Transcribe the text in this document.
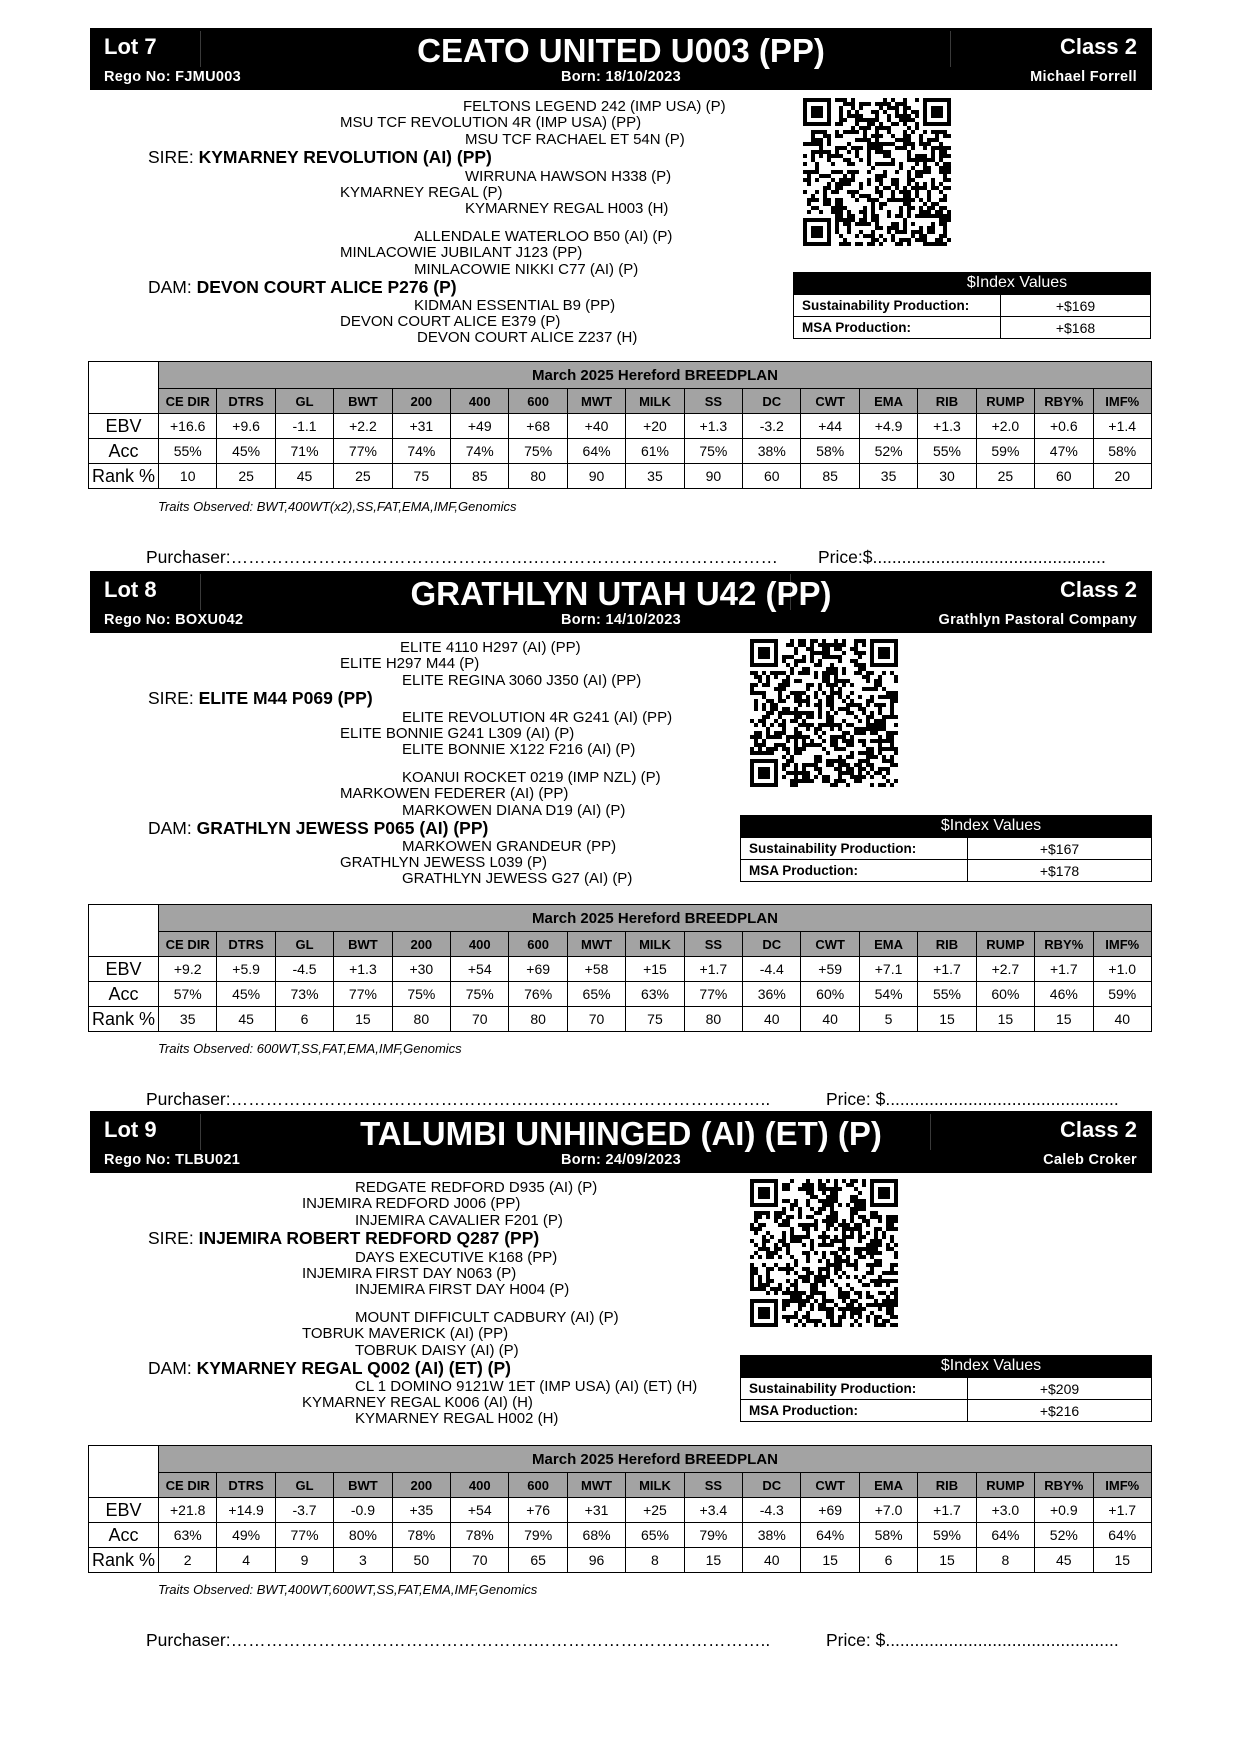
Lot 7	CEATO UNITED U003 (PP)	Class 2
Rego No: FJMU003	Born: 18/10/2023	Michael Forrell
FELTONS LEGEND 242 (IMP USA) (P)
MSU TCF REVOLUTION 4R (IMP USA) (PP)
MSU TCF RACHAEL ET 54N (P)
SIRE: KYMARNEY REVOLUTION (AI) (PP)
WIRRUNA HAWSON H338 (P)
KYMARNEY REGAL (P)
KYMARNEY REGAL H003 (H)
ALLENDALE WATERLOO B50 (AI) (P)
MINLACOWIE JUBILANT J123 (PP)
MINLACOWIE NIKKI C77 (AI) (P)
DAM: DEVON COURT ALICE P276 (P)
KIDMAN ESSENTIAL B9 (PP)
DEVON COURT ALICE E379 (P)
DEVON COURT ALICE Z237 (H)
$Index Values
Sustainability Production:	+$169
MSA Production:	+$168
	March 2025 Hereford BREEDPLAN																
	CE DIR	DTRS	GL	BWT	200	400	600	MWT	MILK	SS	DC	CWT	EMA	RIB	RUMP	RBY%	IMF%
EBV	+16.6	+9.6	-1.1	+2.2	+31	+49	+68	+40	+20	+1.3	-3.2	+44	+4.9	+1.3	+2.0	+0.6	+1.4
Acc	55%	45%	71%	77%	74%	74%	75%	64%	61%	75%	38%	58%	52%	55%	59%	47%	58%
Rank %	10	25	45	25	75	85	80	90	35	90	60	85	35	30	25	60	20
Traits Observed: BWT,400WT(x2),SS,FAT,EMA,IMF,Genomics
Purchaser:…………………………………………….…………………………………… Price:$................................................
Lot 8	GRATHLYN UTAH U42 (PP)	Class 2
Rego No: BOXU042	Born: 14/10/2023	Grathlyn Pastoral Company
ELITE 4110 H297 (AI) (PP)
ELITE H297 M44 (P)
ELITE REGINA 3060 J350 (AI) (PP)
SIRE: ELITE M44 P069 (PP)
ELITE REVOLUTION 4R G241 (AI) (PP)
ELITE BONNIE G241 L309 (AI) (P)
ELITE BONNIE X122 F216 (AI) (P)
KOANUI ROCKET 0219 (IMP NZL) (P)
MARKOWEN FEDERER (AI) (PP)
MARKOWEN DIANA D19 (AI) (P)
DAM: GRATHLYN JEWESS P065 (AI) (PP)
MARKOWEN GRANDEUR (PP)
GRATHLYN JEWESS L039 (P)
GRATHLYN JEWESS G27 (AI) (P)
$Index Values
Sustainability Production:	+$167
MSA Production:	+$178
	March 2025 Hereford BREEDPLAN																
	CE DIR	DTRS	GL	BWT	200	400	600	MWT	MILK	SS	DC	CWT	EMA	RIB	RUMP	RBY%	IMF%
EBV	+9.2	+5.9	-4.5	+1.3	+30	+54	+69	+58	+15	+1.7	-4.4	+59	+7.1	+1.7	+2.7	+1.7	+1.0
Acc	57%	45%	73%	77%	75%	75%	76%	65%	63%	77%	36%	60%	54%	55%	60%	46%	59%
Rank %	35	45	6	15	80	70	80	70	75	80	40	40	5	15	15	15	40
Traits Observed: 600WT,SS,FAT,EMA,IMF,Genomics
Purchaser:…………………………………………….…………………………………..	Price: $................................................
Lot 9	TALUMBI UNHINGED (AI) (ET) (P)	Class 2
Rego No: TLBU021	Born: 24/09/2023	Caleb Croker
REDGATE REDFORD D935 (AI) (P)
INJEMIRA REDFORD J006 (PP)
INJEMIRA CAVALIER F201 (P)
SIRE: INJEMIRA ROBERT REDFORD Q287 (PP)
DAYS EXECUTIVE K168 (PP)
INJEMIRA FIRST DAY N063 (P)
INJEMIRA FIRST DAY H004 (P)
MOUNT DIFFICULT CADBURY (AI) (P)
TOBRUK MAVERICK (AI) (PP)
TOBRUK DAISY (AI) (P)
DAM: KYMARNEY REGAL Q002 (AI) (ET) (P)
CL 1 DOMINO 9121W 1ET (IMP USA) (AI) (ET) (H)
KYMARNEY REGAL K006 (AI) (H)
KYMARNEY REGAL H002 (H)
$Index Values
Sustainability Production:	+$209
MSA Production:	+$216
	March 2025 Hereford BREEDPLAN																
	CE DIR	DTRS	GL	BWT	200	400	600	MWT	MILK	SS	DC	CWT	EMA	RIB	RUMP	RBY%	IMF%
EBV	+21.8	+14.9	-3.7	-0.9	+35	+54	+76	+31	+25	+3.4	-4.3	+69	+7.0	+1.7	+3.0	+0.9	+1.7
Acc	63%	49%	77%	80%	78%	78%	79%	68%	65%	79%	38%	64%	58%	59%	64%	52%	64%
Rank %	2	4	9	3	50	70	65	96	8	15	40	15	6	15	8	45	15
Traits Observed: BWT,400WT,600WT,SS,FAT,EMA,IMF,Genomics
Purchaser:…………………………………………….…………………………………..	Price: $................................................
